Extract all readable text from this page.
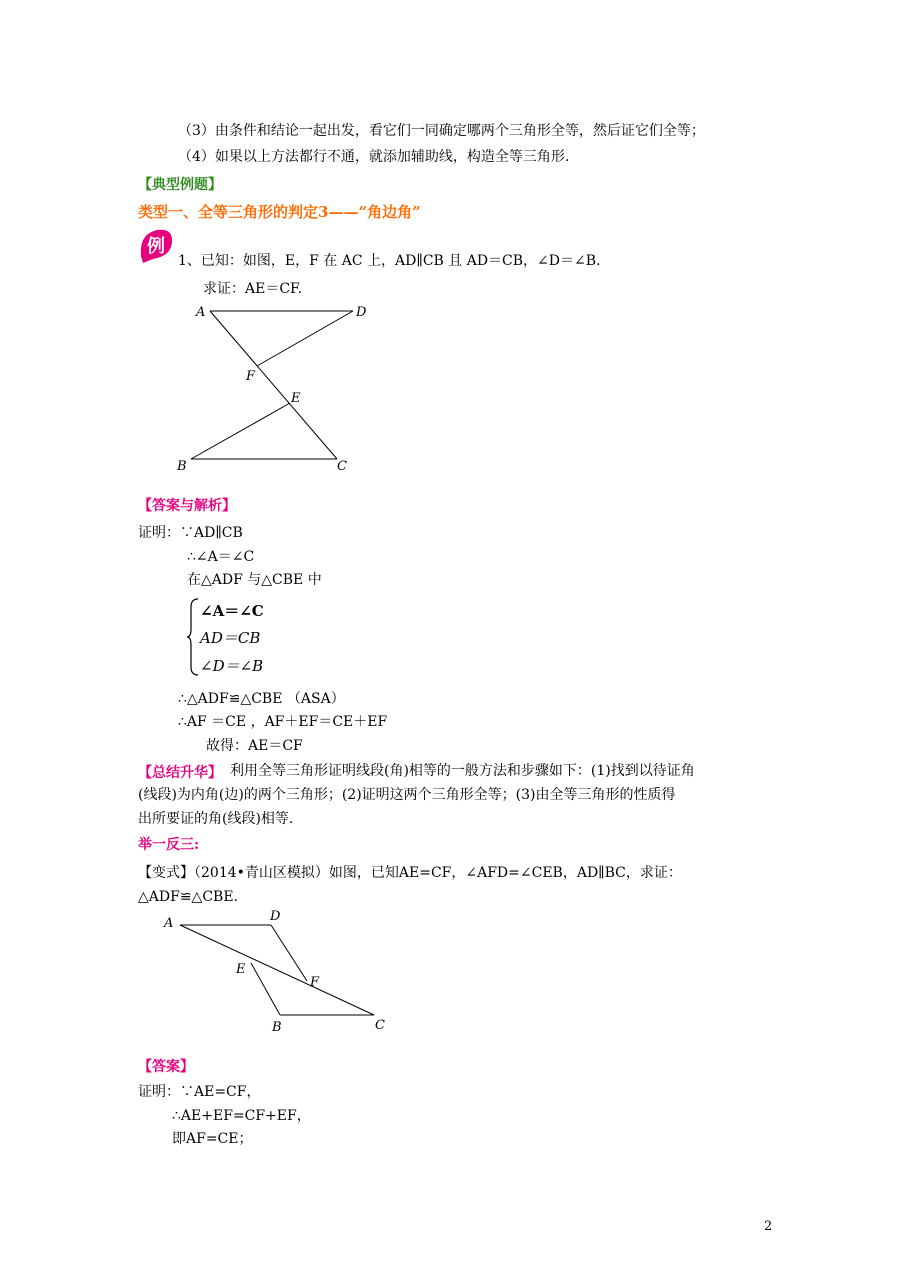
（3）由条件和结论一起出发，看它们一同确定哪两个三角形全等，然后证它们全等；
（4）如果以上方法都行不通，就添加辅助线，构造全等三角形.
【典型例题】
类型一、全等三角形的判定3——“角边角”
例
1、已知：如图，E，F 在 AC 上，AD∥CB 且 AD＝CB，∠D＝∠B.
求证：AE＝CF.
A	D
F
E
B	C
【答案与解析】
证明：∵AD∥CB
∴∠A＝∠C
在△ADF 与△CBE 中
∠A＝∠C
AD＝CB
∠D＝∠B
∴△ADF≌△CBE （ASA）
∴AF ＝CE ，AF＋EF＝CE＋EF
故得：AE＝CF
【总结升华】 利用全等三角形证明线段(角)相等的一般方法和步骤如下：(1)找到以待证角
(线段)为内角(边)的两个三角形；(2)证明这两个三角形全等；(3)由全等三角形的性质得
出所要证的角(线段)相等.
举一反三:
【变式】（2014•青山区模拟）如图，已知AE=CF，∠AFD=∠CEB，AD∥BC，求证：
△ADF≌△CBE.
A	D
E
F
B	C
【答案】
证明：∵AE=CF，
∴AE+EF=CF+EF，
即AF=CE；
2
